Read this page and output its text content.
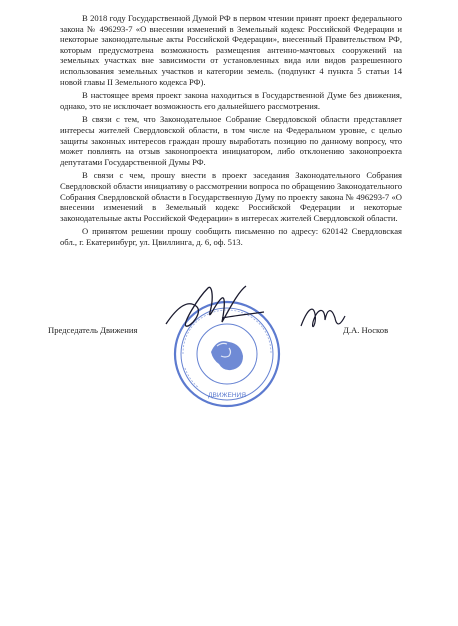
В 2018 году Государственной Думой РФ в первом чтении принят проект федерального закона № 496293-7 «О внесении изменений в Земельный кодекс Российской Федерации и некоторые законодательные акты Российской Федерации», внесенный Правительством РФ, которым предусмотрена возможность размещения антенно-мачтовых сооружений на земельных участках вне зависимости от установленных вида или видов разрешенного использования земельных участков и категории земель. (подпункт 4 пункта 5 статьи 14 новой главы II Земельного кодекса РФ).

В настоящее время проект закона находиться в Государственной Думе без движения, однако, это не исключает возможность его дальнейшего рассмотрения.

В связи с тем, что Законодательное Собрание Свердловской области представляет интересы жителей Свердловской области, в том числе на Федеральном уровне, с целью защиты законных интересов граждан прошу выработать позицию по данному вопросу, что может повлиять на отзыв законопроекта инициатором, либо отклонению законопроекта депутатами Государственной Думы РФ.

В связи с чем, прошу внести в проект заседания Законодательного Собрания Свердловской области инициативу о рассмотрении вопроса по обращению Законодательного Собрания Свердловской области в Государственную Думу по проекту закона № 496293-7 «О внесении изменений в Земельный кодекс Российской Федерации и некоторые законодательные акты Российской Федерации» в интересах жителей Свердловской области.

О принятом решении прошу сообщить письменно по адресу: 620142 Свердловская обл., г. Екатеринбург, ул. Цвиллинга, д. 6, оф. 513.

Председатель Движения
ДВИЖЕНИЯ
Д.А. Носков
